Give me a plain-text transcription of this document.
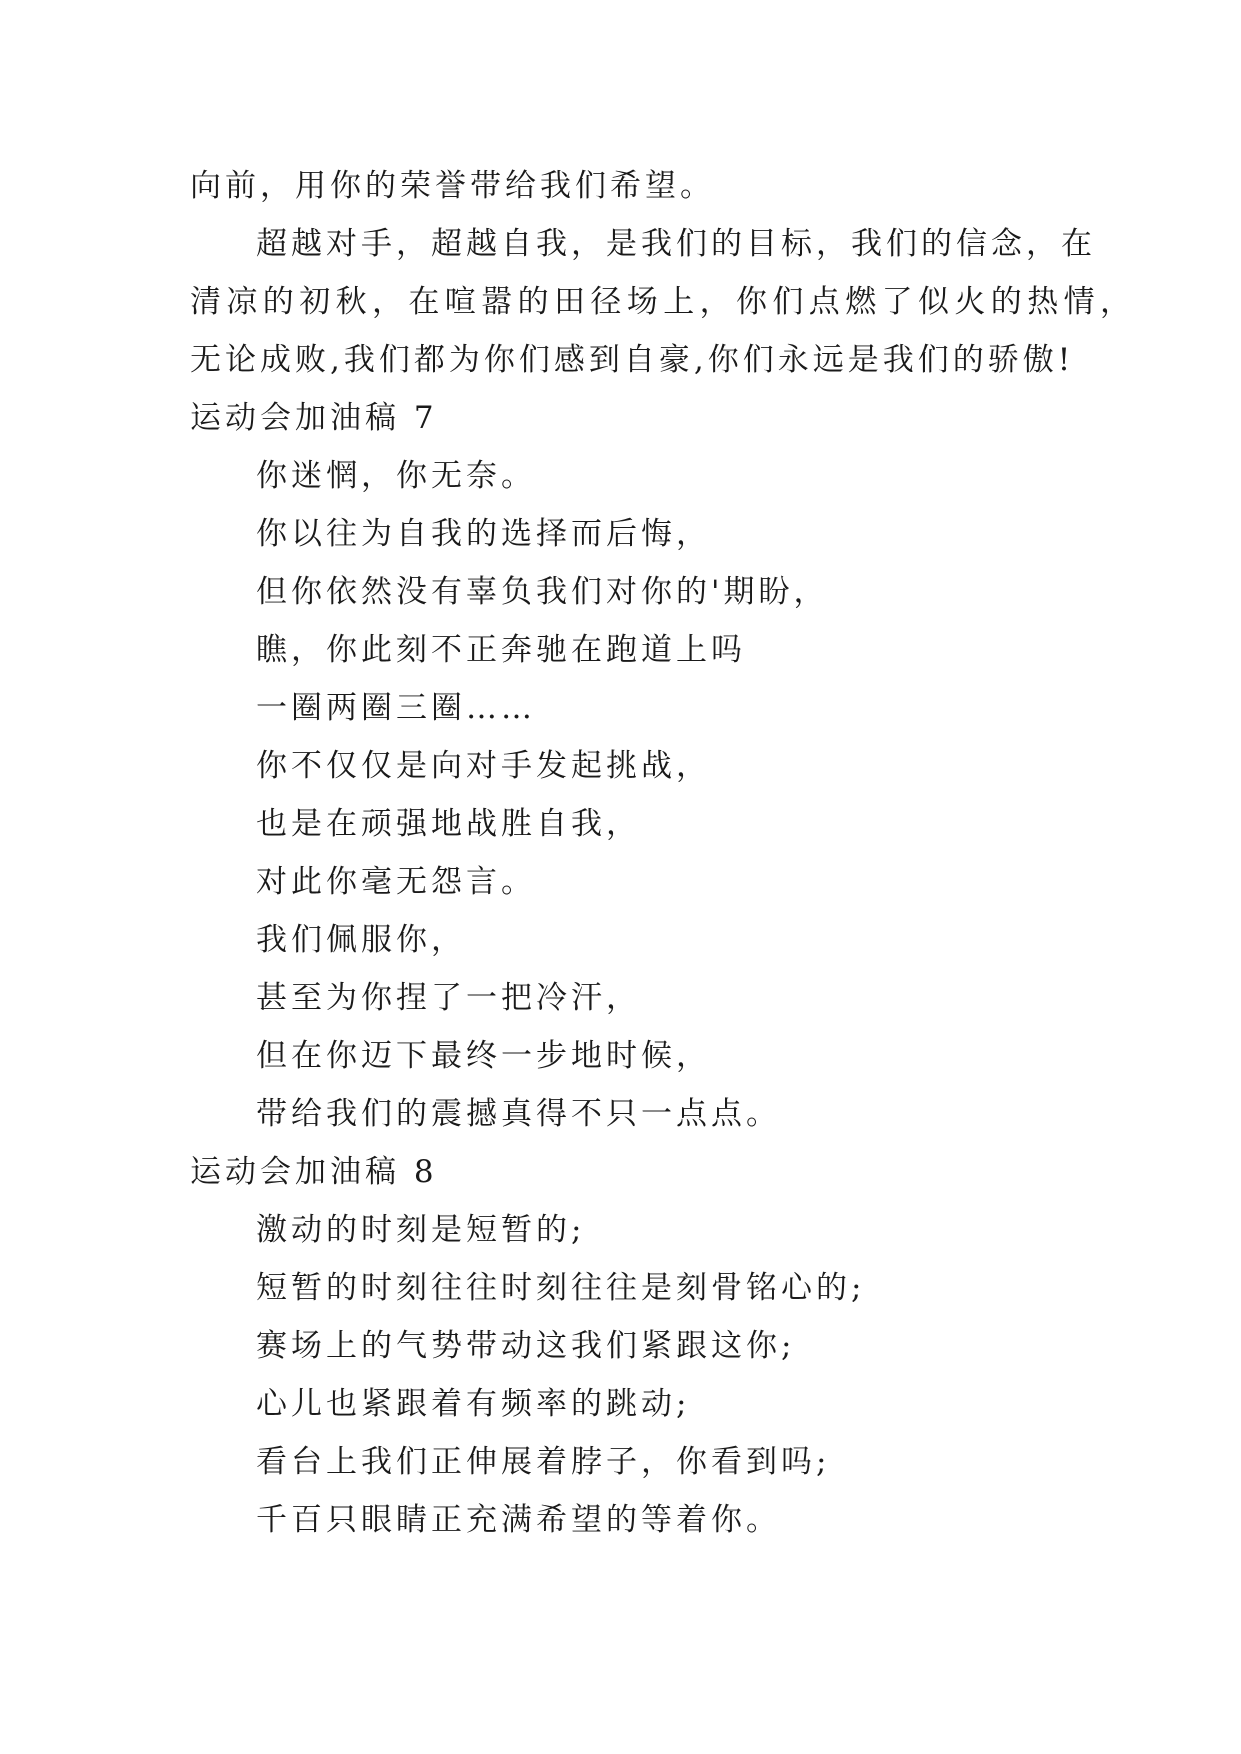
向前，用你的荣誉带给我们希望。
超越对手，超越自我，是我们的目标，我们的信念，在
清凉的初秋，在喧嚣的田径场上，你们点燃了似火的热情，
无论成败,我们都为你们感到自豪,你们永远是我们的骄傲!
运动会加油稿 7
你迷惘，你无奈。
你以往为自我的选择而后悔，
但你依然没有辜负我们对你的'期盼，
瞧，你此刻不正奔驰在跑道上吗
一圈两圈三圈……
你不仅仅是向对手发起挑战，
也是在顽强地战胜自我，
对此你毫无怨言。
我们佩服你，
甚至为你捏了一把冷汗，
但在你迈下最终一步地时候，
带给我们的震撼真得不只一点点。
运动会加油稿 8
激动的时刻是短暂的;
短暂的时刻往往时刻往往是刻骨铭心的;
赛场上的气势带动这我们紧跟这你;
心儿也紧跟着有频率的跳动;
看台上我们正伸展着脖子，你看到吗;
千百只眼睛正充满希望的等着你。
